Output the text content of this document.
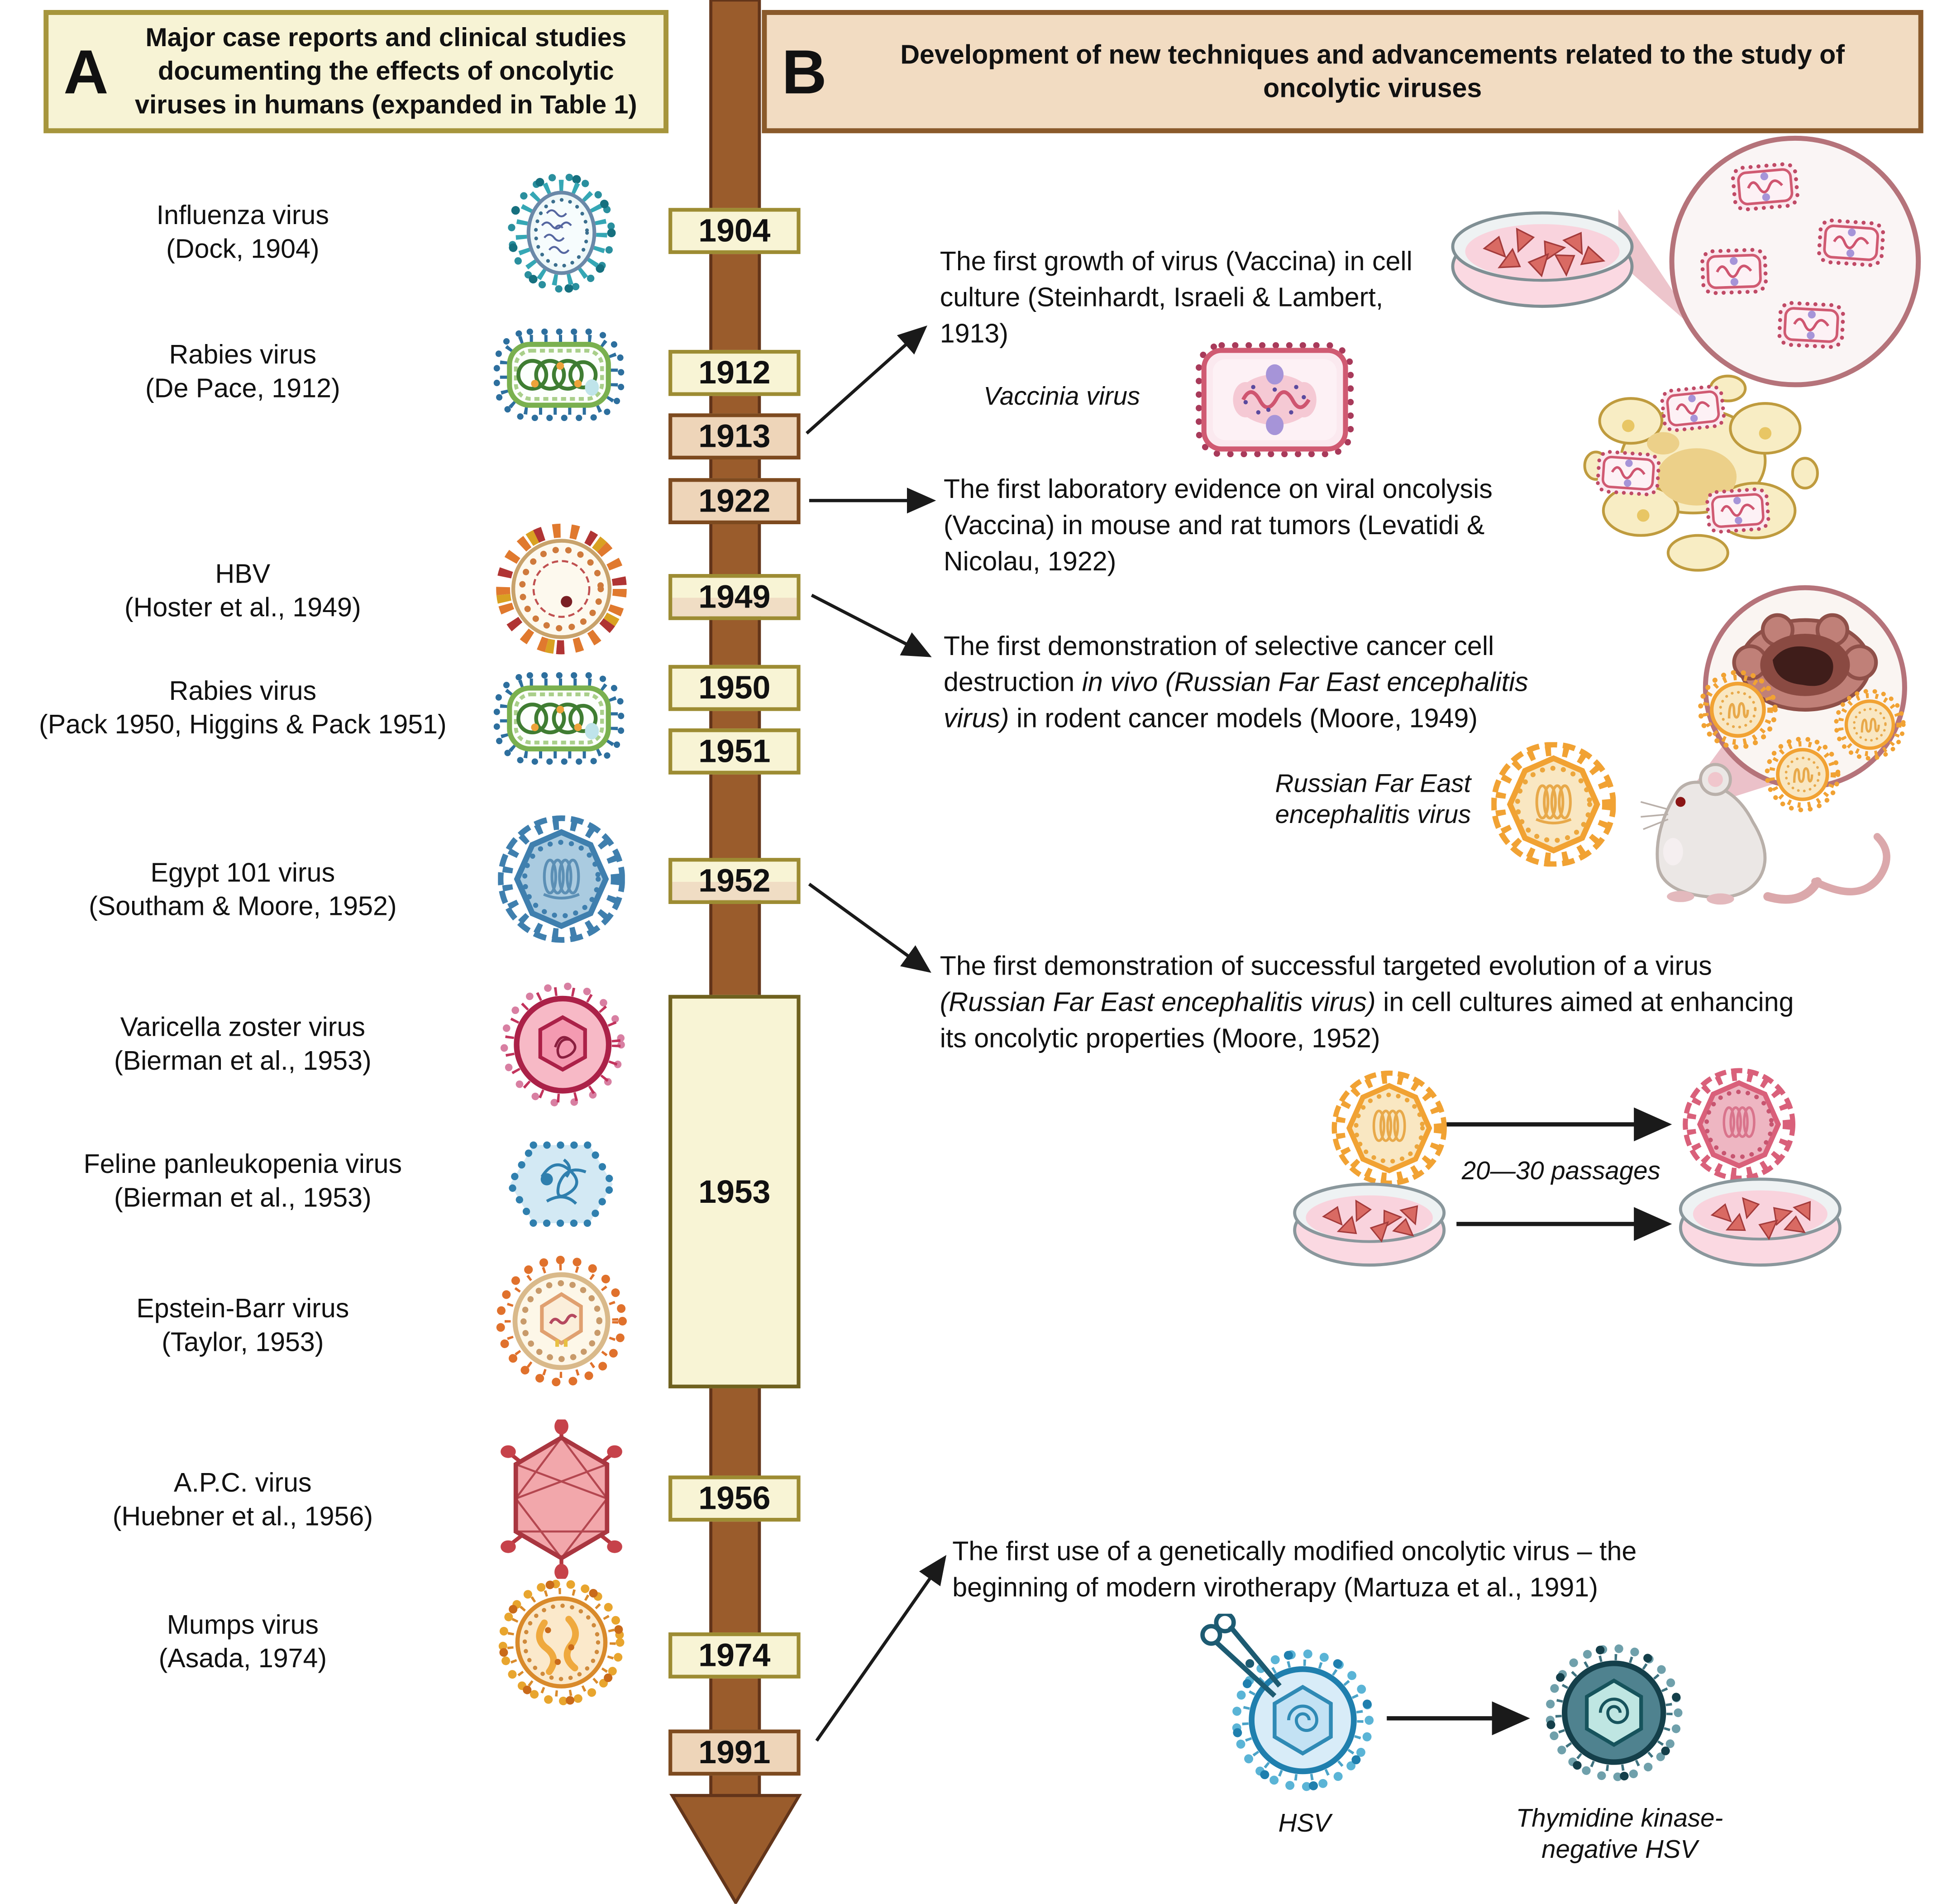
A	Major case reports and clinical studies documenting the effects of oncolytic viruses in humans (expanded in Table 1)	B	Development of new techniques and advancements related to the study of oncolytic viruses
1904
1912
1913
1922
1949
1950
1951
1952
1953
1956
1974
1991
Influenza virus
(Dock, 1904)
Rabies virus
(De Pace, 1912)
HBV
(Hoster et al., 1949)
Rabies virus
(Pack 1950, Higgins & Pack 1951)
Egypt 101 virus
(Southam & Moore, 1952)
Varicella zoster virus
(Bierman et al., 1953)
Feline panleukopenia virus
(Bierman et al., 1953)
Epstein-Barr virus
(Taylor, 1953)
A.P.C. virus
(Huebner et al., 1956)
Mumps virus
(Asada, 1974)
The first growth of virus (Vaccina) in cell culture (Steinhardt, Israeli & Lambert, 1913)
Vaccinia virus
The first laboratory evidence on viral oncolysis (Vaccina) in mouse and rat tumors (Levatidi & Nicolau, 1922)
The first demonstration of selective cancer cell destruction in vivo (Russian Far East encephalitis virus) in rodent cancer models (Moore, 1949)
Russian Far East
encephalitis virus
The first demonstration of successful targeted evolution of a virus (Russian Far East encephalitis virus) in cell cultures aimed at enhancing its oncolytic properties (Moore, 1952)
20—30 passages
The first use of a genetically modified oncolytic virus – the beginning of modern virotherapy (Martuza et al., 1991)
HSV	Thymidine kinase-
negative HSV
